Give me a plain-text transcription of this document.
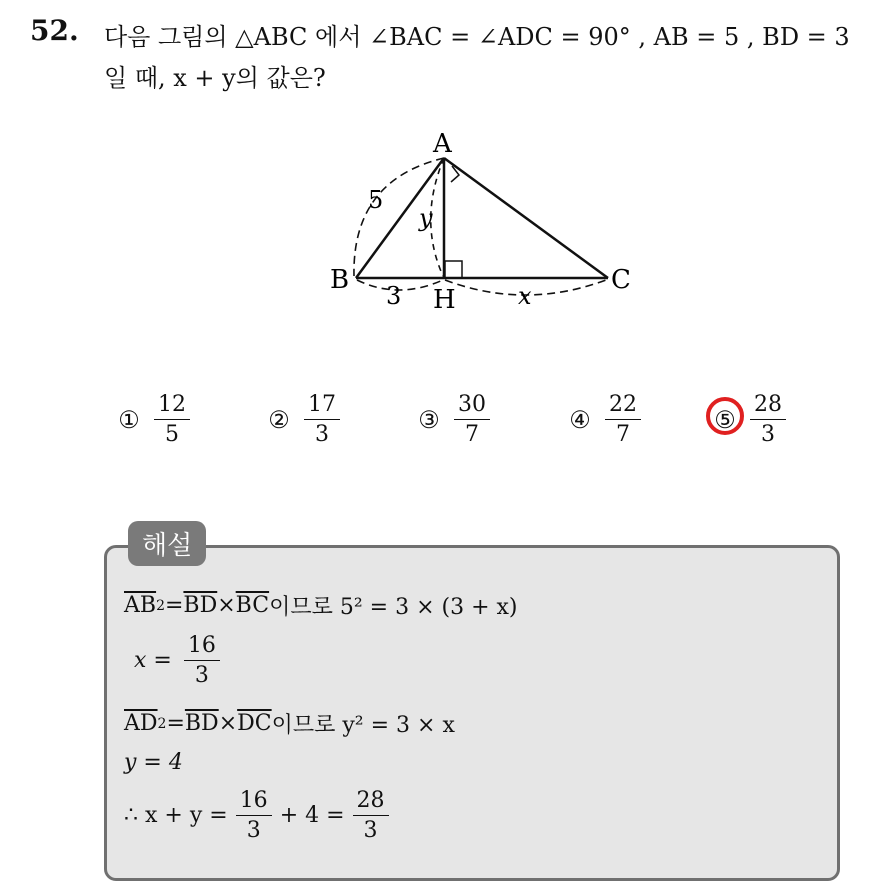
52. 다음 그림의 △ABC 에서 ∠BAC = ∠ADC = 90° , AB = 5 , BD = 3
일 때, x + y의 값은?
A
B	C
H
5
3	x
y
① $\frac{12}{5}$	② $\frac{17}{3}$	③ $\frac{30}{7}$	④ $\frac{22}{7}$	⑤ $\frac{28}{3}$
해설
$\overline{AB}$ $2 = \overline{BD} \times \overline{BC}$ 이므로 5² = 3 × (3 + x)
$x = \frac{16}{3}$
$\overline{AD}$ $2 = \overline{BD} \times \overline{DC}$ 이므로 y² = 3 × x
y = 4
∴ $x + y = \frac{16}{3} + 4 = \frac{28}{3}$
